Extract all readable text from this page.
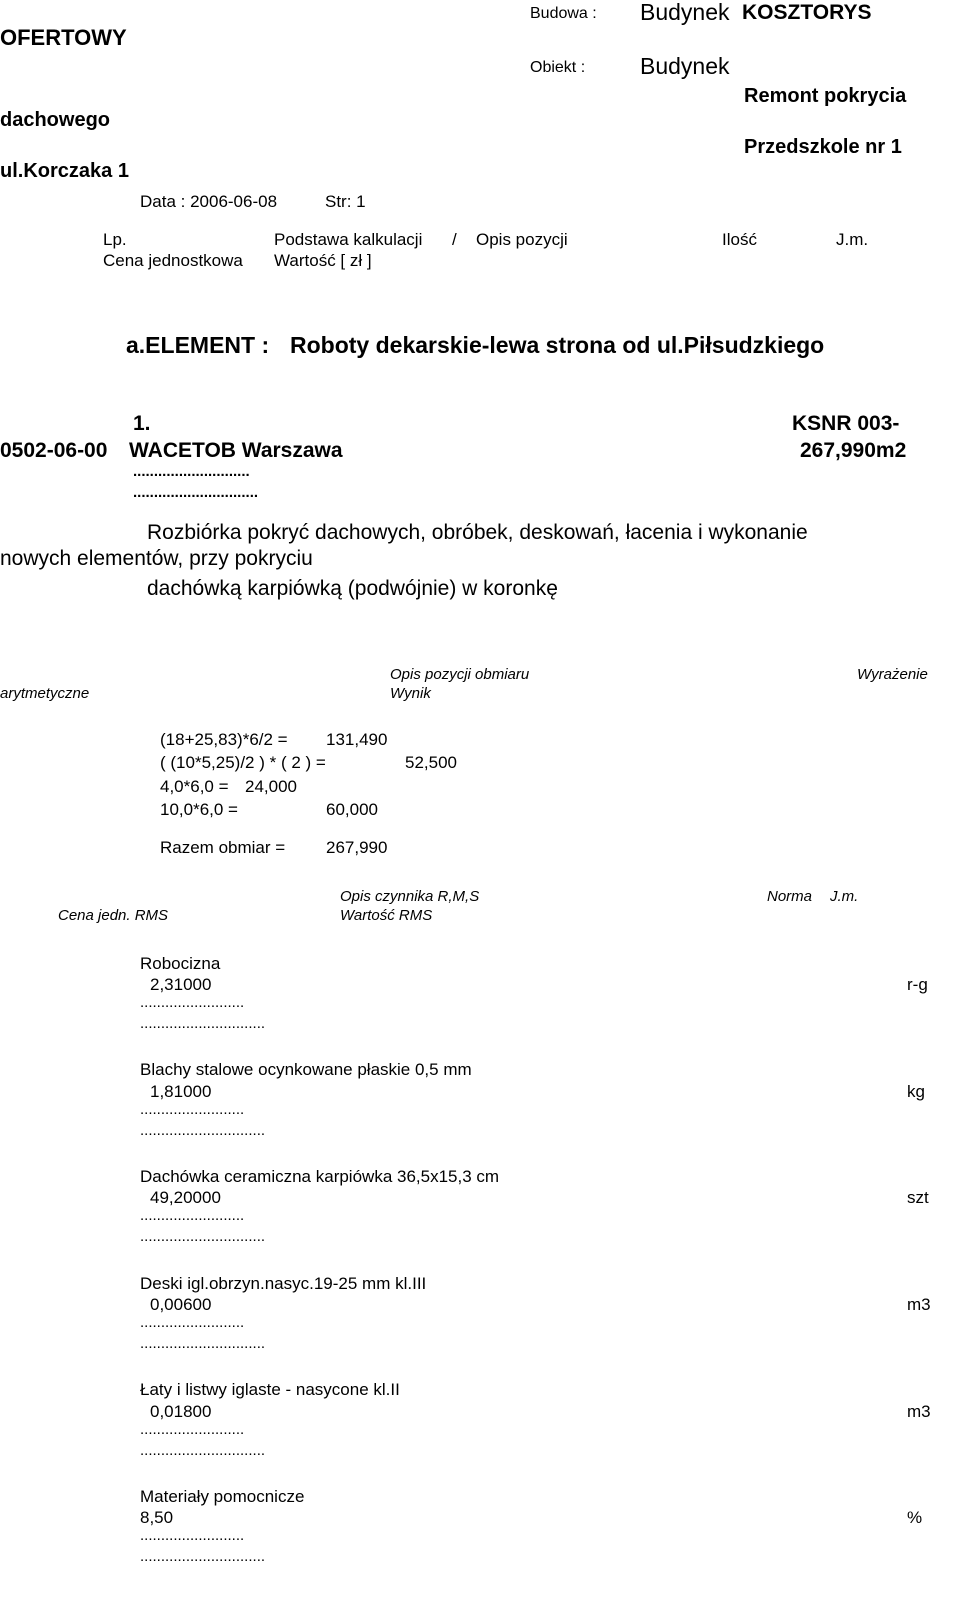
OFERTOWY
Budowa : Budynek KOSZTORYS
Obiekt : Budynek
Remont pokrycia
dachowego
Przedszkole nr 1
ul.Korczaka 1
Data : 2006-06-08	Str: 1
Lp.	Podstawa kalkulacji / Opis pozycji	Ilość	J.m.
Cena jednostkowa Wartość [ zł ]
a.ELEMENT : Roboty dekarskie-lewa strona od ul.Piłsudzkiego
1.	KSNR 003-
0502-06-00 WACETOB Warszawa	267,990m2
............................
..............................
Rozbiórka pokryć dachowych, obróbek, deskowań, łacenia i wykonanie
nowych elementów, przy pokryciu
dachówką karpiówką (podwójnie) w koronkę
Opis pozycji obmiaru	Wyrażenie
arytmetyczne	Wynik
(18+25,83)*6/2 = 131,490
( (10*5,25)/2 ) * ( 2 ) =	52,500
4,0*6,0 = 24,000
10,0*6,0 =	60,000
Razem obmiar = 267,990
Opis czynnika R,M,S	Norma J.m.
Cena jedn. RMS	Wartość RMS
Robocizna
2,31000	r-g
.........................
..............................
Blachy stalowe ocynkowane płaskie 0,5 mm
1,81000	kg
.........................
..............................
Dachówka ceramiczna karpiówka 36,5x15,3 cm
49,20000	szt
.........................
..............................
Deski igl.obrzyn.nasyc.19-25 mm kl.III
0,00600	m3
.........................
..............................
Łaty i listwy iglaste - nasycone kl.II
0,01800	m3
.........................
..............................
Materiały pomocnicze
8,50	%
.........................
..............................
